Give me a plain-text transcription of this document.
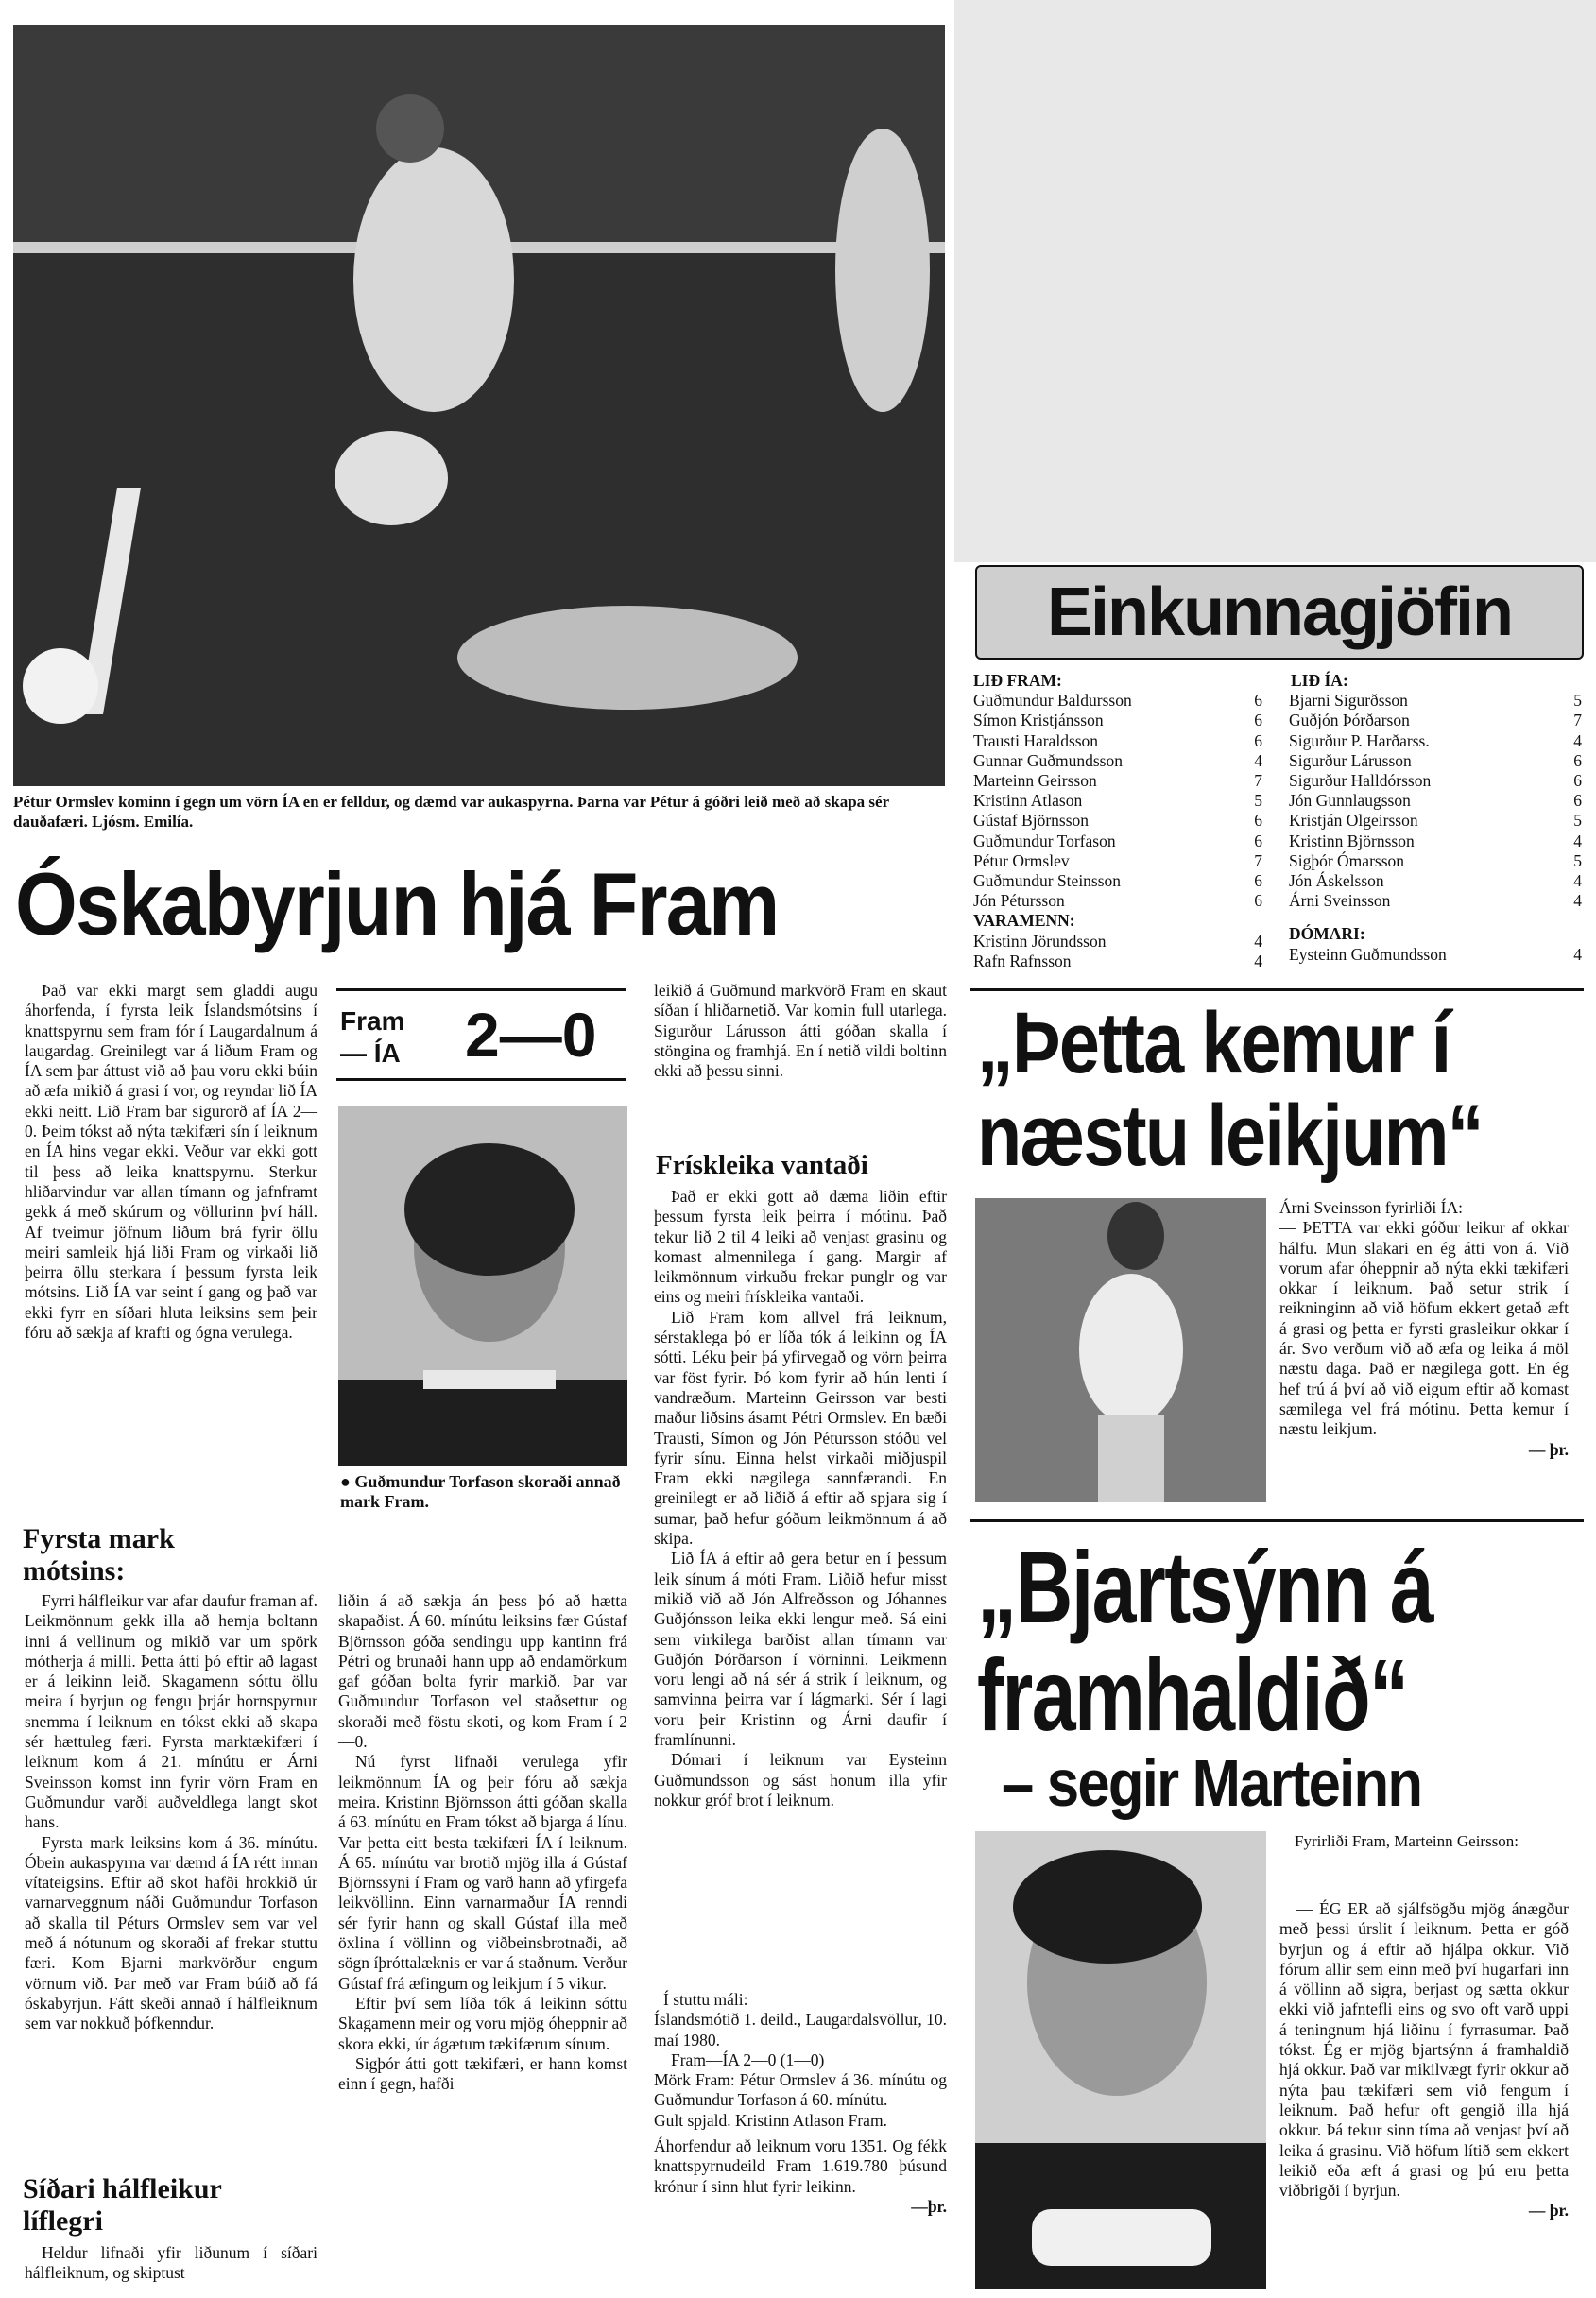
Pétur Ormslev kominn í gegn um vörn ÍA en er felldur, og dæmd var aukaspyrna. Þarna var Pétur á góðri leið með að skapa sér dauðafæri. Ljósm. Emilía.
Óskabyrjun hjá Fram

Það var ekki margt sem gladdi augu áhorfenda, í fyrsta leik Íslandsmótsins í knattspyrnu sem fram fór í Laugardalnum á laugardag. Greinilegt var á liðum Fram og ÍA sem þar áttust við að þau voru ekki búin að æfa mikið á grasi í vor, og reyndar lið ÍA ekki neitt. Lið Fram bar sigurorð af ÍA 2—0. Þeim tókst að nýta tækifæri sín í leiknum en ÍA hins vegar ekki. Veður var ekki gott til þess að leika knattspyrnu. Sterkur hliðarvindur var allan tímann og jafnframt gekk á með skúrum og völlurinn því háll. Af tveimur jöfnum liðum brá fyrir öllu meiri samleik hjá liði Fram og virkaði lið þeirra öllu sterkara í þessum fyrsta leik mótsins. Lið ÍA var seint í gang og það var ekki fyrr en síðari hluta leiksins sem þeir fóru að sækja af krafti og ógna verulega.

Fram
— ÍA 2—0
● Guðmundur Torfason skoraði annað mark Fram.
Fyrsta mark mótsins:

Fyrri hálfleikur var afar daufur framan af. Leikmönnum gekk illa að hemja boltann inni á vellinum og mikið var um spörk mótherja á milli. Þetta átti þó eftir að lagast er á leikinn leið. Skagamenn sóttu öllu meira í byrjun og fengu þrjár hornspyrnur snemma í leiknum en tókst ekki að skapa sér hættuleg færi. Fyrsta marktækifæri í leiknum kom á 21. mínútu er Árni Sveinsson komst inn fyrir vörn Fram en Guðmundur varði auðveldlega langt skot hans.

Fyrsta mark leiksins kom á 36. mínútu. Óbein aukaspyrna var dæmd á ÍA rétt innan vítateigsins. Eftir að skot hafði hrokkið úr varnarveggnum náði Guðmundur Torfason að skalla til Péturs Ormslev sem var vel með á nótunum og skoraði af frekar stuttu færi. Kom Bjarni markvörður engum vörnum við. Þar með var Fram búið að fá óskabyrjun. Fátt skeði annað í hálfleiknum sem var nokkuð þófkenndur.

Síðari hálfleikur líflegri

Heldur lifnaði yfir liðunum í síðari hálfleiknum, og skiptust

liðin á að sækja án þess þó að hætta skapaðist. Á 60. mínútu leiksins fær Gústaf Björnsson góða sendingu upp kantinn frá Pétri og brunaði hann upp að endamörkum gaf góðan bolta fyrir markið. Þar var Guðmundur Torfason vel staðsettur og skoraði með föstu skoti, og kom Fram í 2—0.

Nú fyrst lifnaði verulega yfir leikmönnum ÍA og þeir fóru að sækja meira. Kristinn Björnsson átti góðan skalla á 63. mínútu en Fram tókst að bjarga á línu. Var þetta eitt besta tækifæri ÍA í leiknum. Á 65. mínútu var brotið mjög illa á Gústaf Björnssyni í Fram og varð hann að yfirgefa leikvöllinn. Einn varnarmaður ÍA renndi sér fyrir hann og skall Gústaf illa með öxlina í völlinn og viðbeinsbrotnaði, að sögn íþróttalæknis er var á staðnum. Verður Gústaf frá æfingum og leikjum í 5 vikur.

Eftir því sem líða tók á leikinn sóttu Skagamenn meir og voru mjög óheppnir að skora ekki, úr ágætum tækifærum sínum.

Sigþór átti gott tækifæri, er hann komst einn í gegn, hafði

leikið á Guðmund markvörð Fram en skaut síðan í hliðarnetið. Var komin full utarlega. Sigurður Lárusson átti góðan skalla í stöngina og framhjá. En í netið vildi boltinn ekki að þessu sinni.

Frískleika vantaði

Það er ekki gott að dæma liðin eftir þessum fyrsta leik þeirra í mótinu. Það tekur lið 2 til 4 leiki að venjast grasinu og komast almennilega í gang. Margir af leikmönnum virkuðu frekar punglr og var eins og meiri frískleika vantaði.

Lið Fram kom allvel frá leiknum, sérstaklega þó er líða tók á leikinn og ÍA sótti. Léku þeir þá yfirvegað og vörn þeirra var föst fyrir. Þó kom fyrir að hún lenti í vandræðum. Marteinn Geirsson var besti maður liðsins ásamt Pétri Ormslev. En bæði Trausti, Símon og Jón Pétursson stóðu vel fyrir sínu. Einna helst virkaði miðjuspil Fram ekki nægilega sannfærandi. En greinilegt er að liðið á eftir að spjara sig í sumar, það hefur góðum leikmönnum á að skipa.

Lið ÍA á eftir að gera betur en í þessum leik sínum á móti Fram. Liðið hefur misst mikið við að Jón Alfreðsson og Jóhannes Guðjónsson leika ekki lengur með. Sá eini sem virkilega barðist allan tímann var Guðjón Þórðarson í vörninni. Leikmenn voru lengi að ná sér á strik í leiknum, og samvinna þeirra var í lágmarki. Sér í lagi voru þeir Kristinn og Árni daufir í framlínunni.

Dómari í leiknum var Eysteinn Guðmundsson og sást honum illa yfir nokkur gróf brot í leiknum.

Í stuttu máli:

Íslandsmótið 1. deild., Laugardalsvöllur, 10. maí 1980.

Fram—ÍA 2—0 (1—0)

Mörk Fram: Pétur Ormslev á 36. mínútu og Guðmundur Torfason á 60. mínútu.

Gult spjald. Kristinn Atlason Fram.

Áhorfendur að leiknum voru 1351. Og fékk knattspyrnudeild Fram 1.619.780 þúsund krónur í sinn hlut fyrir leikinn.

—þr.
Einkunnagjöfin
LIÐ FRAM:
Guðmundur Baldursson	6
Símon Kristjánsson	6
Trausti Haraldsson	6
Gunnar Guðmundsson	4
Marteinn Geirsson	7
Kristinn Atlason	5
Gústaf Björnsson	6
Guðmundur Torfason	6
Pétur Ormslev	7
Guðmundur Steinsson	6
Jón Pétursson	6
VARAMENN:
Kristinn Jörundsson	4
Rafn Rafnsson	4
LIÐ ÍA:
Bjarni Sigurðsson	5
Guðjón Þórðarson	7
Sigurður P. Harðarss.	4
Sigurður Lárusson	6
Sigurður Halldórsson	6
Jón Gunnlaugsson	6
Kristján Olgeirsson	5
Kristinn Björnsson	4
Sigþór Ómarsson	5
Jón Áskelsson	4
Árni Sveinsson	4
DÓMARI:
Eysteinn Guðmundsson	4
„Þetta kemur í
næstu leikjum“
Árni Sveinsson fyrirliði ÍA:

— ÞETTA var ekki góður leikur af okkar hálfu. Mun slakari en ég átti von á. Við vorum afar óheppnir að nýta ekki tækifæri okkar í leiknum. Það setur strik í reikninginn að við höfum ekkert getað æft á grasi og þetta er fyrsti grasleikur okkar í ár. Svo verðum við að æfa og leika á möl næstu daga. Það er nægilega gott. En ég hef trú á því að við eigum eftir að komast sæmilega vel frá mótinu. Þetta kemur í næstu leikjum.

— þr.
„Bjartsýnn á
framhaldið“
– segir Marteinn
Fyrirliði Fram, Marteinn Geirsson:

— ÉG ER að sjálfsögðu mjög ánægður með þessi úrslit í leiknum. Þetta er góð byrjun og á eftir að hjálpa okkur. Við fórum allir sem einn með því hugarfari inn á völlinn að sigra, berjast og sætta okkur ekki við jafntefli eins og svo oft varð uppi á teningnum hjá liðinu í fyrrasumar. Það tókst. Ég er mjög bjartsýnn á framhaldið hjá okkur. Það var mikilvægt fyrir okkur að nýta þau tækifæri sem við fengum í leiknum. Það hefur oft gengið illa hjá okkur. Þá tekur sinn tíma að venjast því að leika á grasinu. Við höfum lítið sem ekkert leikið eða æft á grasi og þú eru þetta viðbrigði í byrjun.

— þr.
